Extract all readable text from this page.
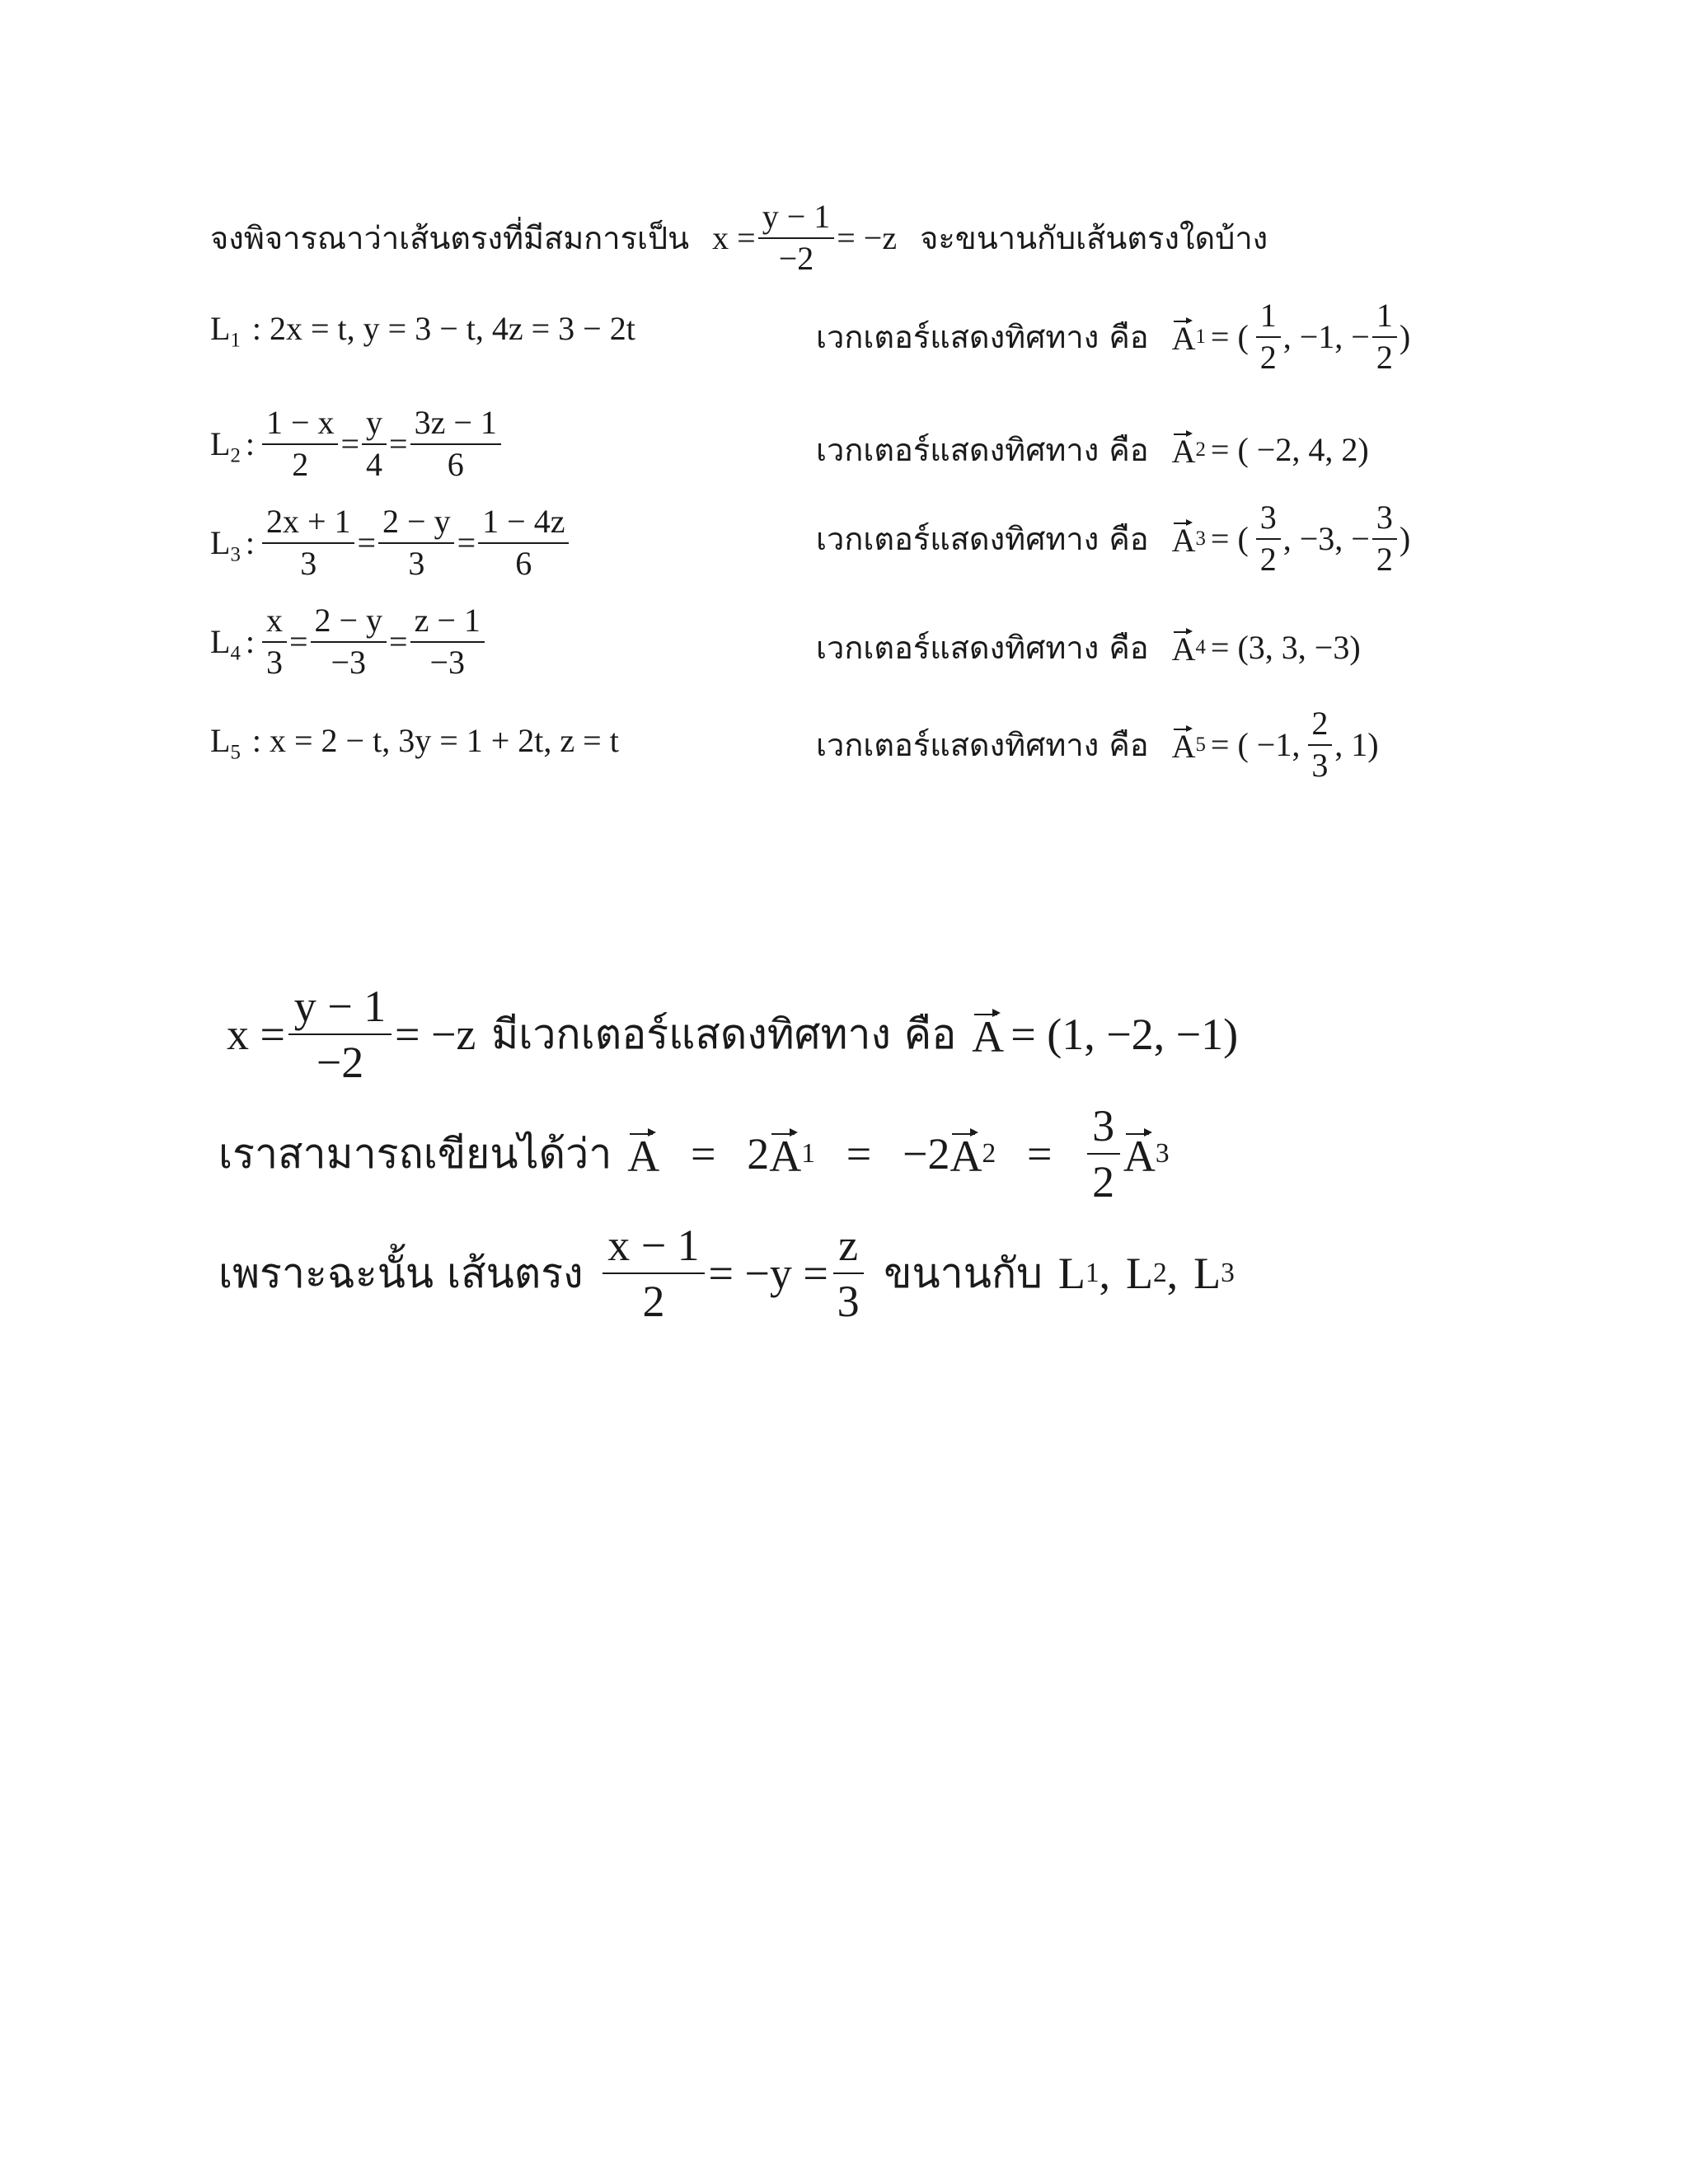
จงพิจารณาว่าเส้นตรงที่มีสมการเป็น $x = \frac{y - 1}{-2} = -z$ จะขนานกับเส้นตรงใดบ้าง
$L_1$ : 2x = t, y = 3 − t, 4z = 3 − 2t	เวกเตอร์แสดงทิศทาง คือ A 1 = ( $\frac{1}{2}$ , −1, − $\frac{1}{2}$ )
$L_2$ : $\frac{1 - x}{2} = \frac{y}{4} = \frac{3z - 1}{6}$	เวกเตอร์แสดงทิศทาง คือ A 2 = ( −2, 4, 2)
$L_3$ : $\frac{2x + 1}{3} = \frac{2 - y}{3} = \frac{1 - 4z}{6}$	เวกเตอร์แสดงทิศทาง คือ A 3 = ( $\frac{3}{2}$ , −3, − $\frac{3}{2}$ )
$L_4$ : $\frac{x}{3} = \frac{2 - y}{-3} = \frac{z - 1}{-3}$	เวกเตอร์แสดงทิศทาง คือ A 4 = (3, 3, −3)
$L_5$ : x = 2 − t, 3y = 1 + 2t, z = t	เวกเตอร์แสดงทิศทาง คือ A 5 = ( −1, $\frac{2}{3}$ , 1)
$x = \frac{y - 1}{-2} = -z$ มีเวกเตอร์แสดงทิศทาง คือ A = (1, −2, −1)
เราสามารถเขียนได้ว่า A = 2 A 1 = −2 A $2 = \frac{3}{2}$ A 3
เพราะฉะนั้น เส้นตรง $\frac{x - 1}{2} = -y = \frac{z}{3}$ ขนานกับ L 1 , L 2 , L 3
